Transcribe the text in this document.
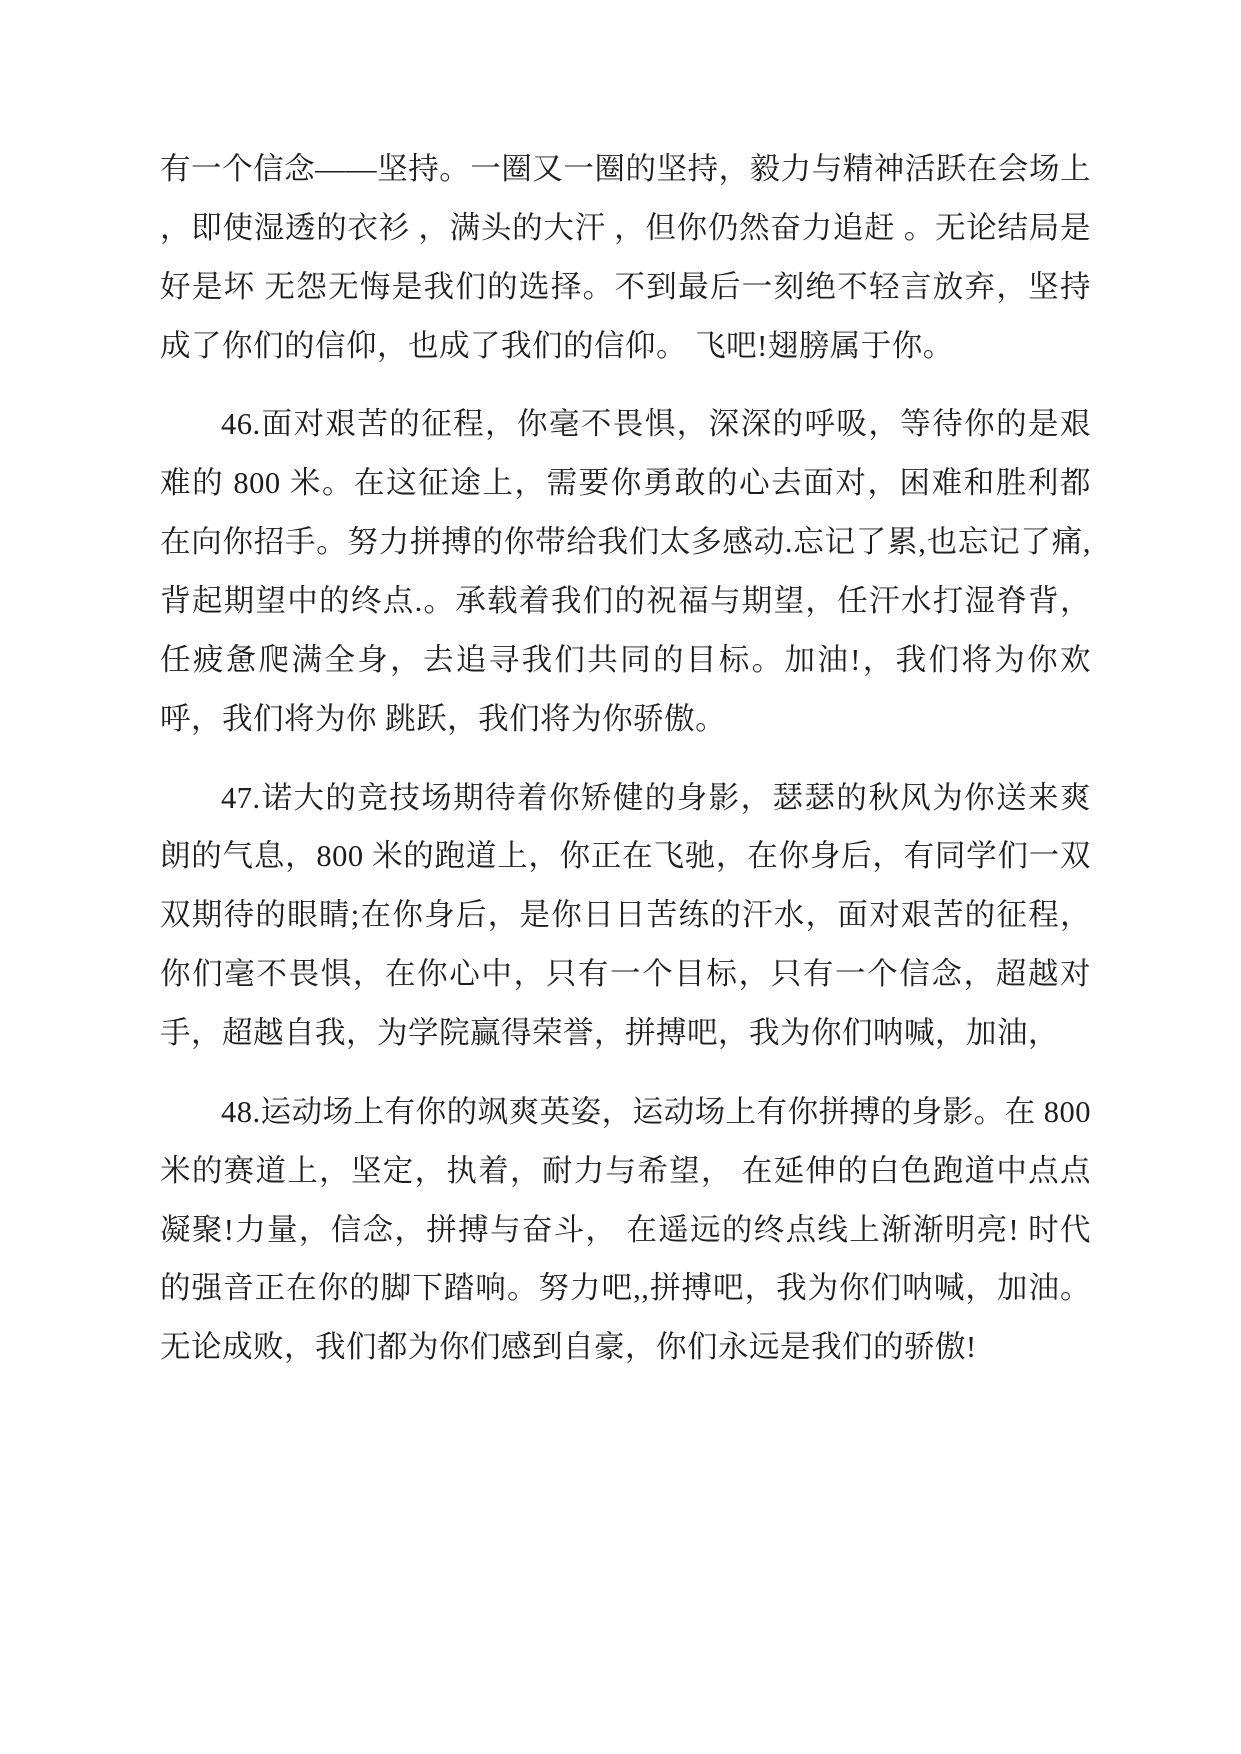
有一个信念——坚持。一圈又一圈的坚持，毅力与精神活跃在会场上 ，即使湿透的衣衫 ，满头的大汗 ，但你仍然奋力追赶 。无论结局是好是坏 无怨无悔是我们的选择。不到最后一刻绝不轻言放弃，坚持成了你们的信仰，也成了我们的信仰。 飞吧!翅膀属于你。

46.面对艰苦的征程，你毫不畏惧，深深的呼吸，等待你的是艰难的 800 米。在这征途上，需要你勇敢的心去面对，困难和胜利都在向你招手。努力拼搏的你带给我们太多感动.忘记了累,也忘记了痛,背起期望中的终点.。承载着我们的祝福与期望，任汗水打湿脊背，任疲惫爬满全身，去追寻我们共同的目标。加油!，我们将为你欢呼，我们将为你 跳跃，我们将为你骄傲。

47.诺大的竞技场期待着你矫健的身影，瑟瑟的秋风为你送来爽朗的气息，800 米的跑道上，你正在飞驰，在你身后，有同学们一双双期待的眼睛;在你身后，是你日日苦练的汗水，面对艰苦的征程，你们毫不畏惧，在你心中，只有一个目标，只有一个信念，超越对手，超越自我，为学院赢得荣誉，拼搏吧，我为你们呐喊，加油，

48.运动场上有你的飒爽英姿，运动场上有你拼搏的身影。在 800 米的赛道上，坚定，执着，耐力与希望， 在延伸的白色跑道中点点凝聚!力量，信念，拼搏与奋斗， 在遥远的终点线上渐渐明亮! 时代的强音正在你的脚下踏响。努力吧,,拼搏吧，我为你们呐喊，加油。无论成败，我们都为你们感到自豪，你们永远是我们的骄傲!
